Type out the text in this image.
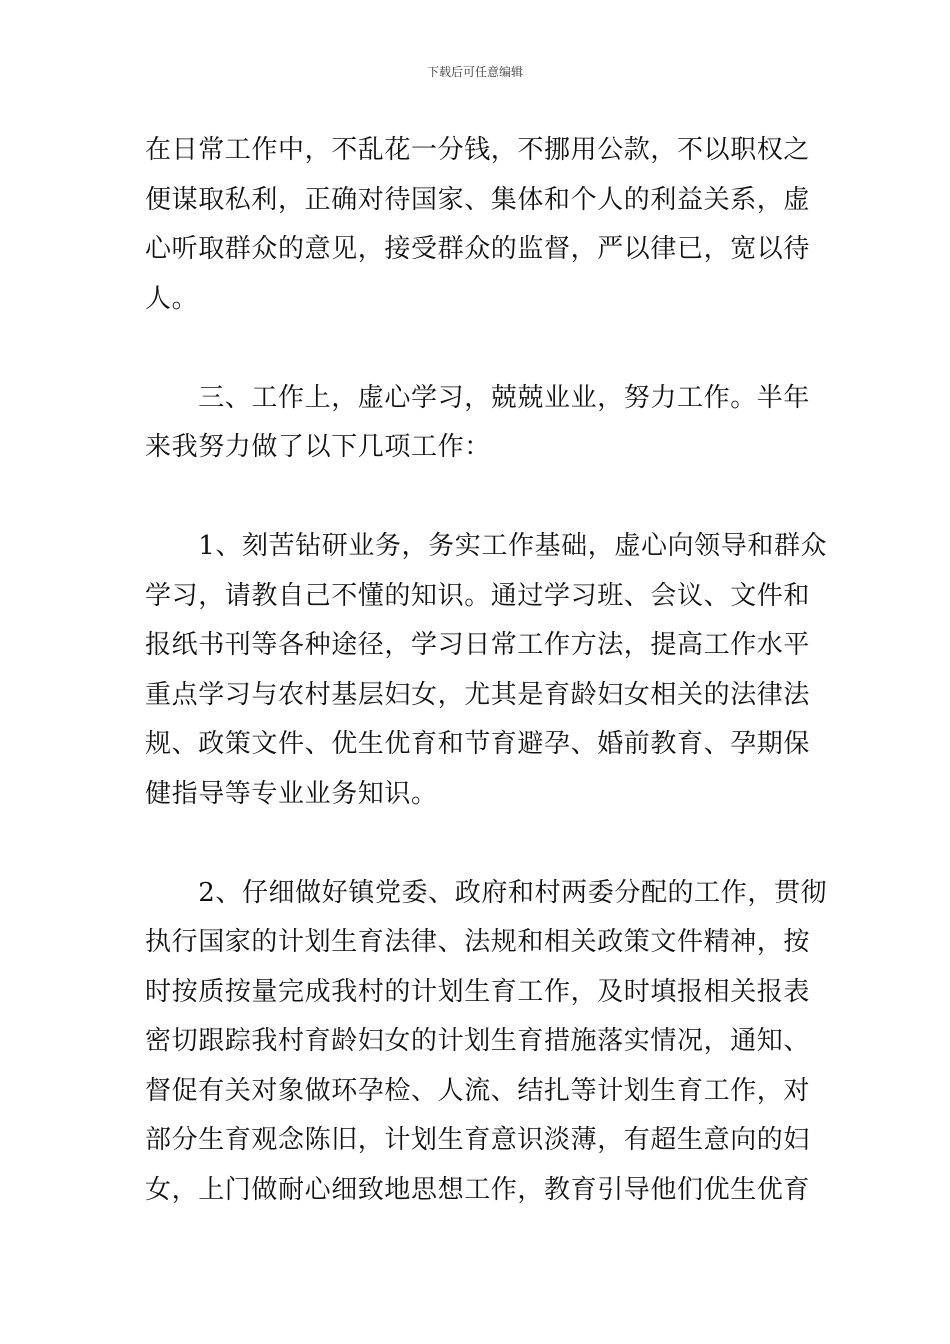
下载后可任意编辑
在日常工作中，不乱花一分钱，不挪用公款，不以职权之
便谋取私利，正确对待国家、集体和个人的利益关系，虚
心听取群众的意见，接受群众的监督，严以律已，宽以待
人。
　　三、工作上，虚心学习，兢兢业业，努力工作。半年
来我努力做了以下几项工作：
　　1、刻苦钻研业务，务实工作基础，虚心向领导和群众
学习，请教自己不懂的知识。通过学习班、会议、文件和
报纸书刊等各种途径，学习日常工作方法，提高工作水平
重点学习与农村基层妇女，尤其是育龄妇女相关的法律法
规、政策文件、优生优育和节育避孕、婚前教育、孕期保
健指导等专业业务知识。
　　2、仔细做好镇党委、政府和村两委分配的工作，贯彻
执行国家的计划生育法律、法规和相关政策文件精神，按
时按质按量完成我村的计划生育工作，及时填报相关报表
密切跟踪我村育龄妇女的计划生育措施落实情况，通知、
督促有关对象做环孕检、人流、结扎等计划生育工作，对
部分生育观念陈旧，计划生育意识淡薄，有超生意向的妇
女，上门做耐心细致地思想工作，教育引导他们优生优育
